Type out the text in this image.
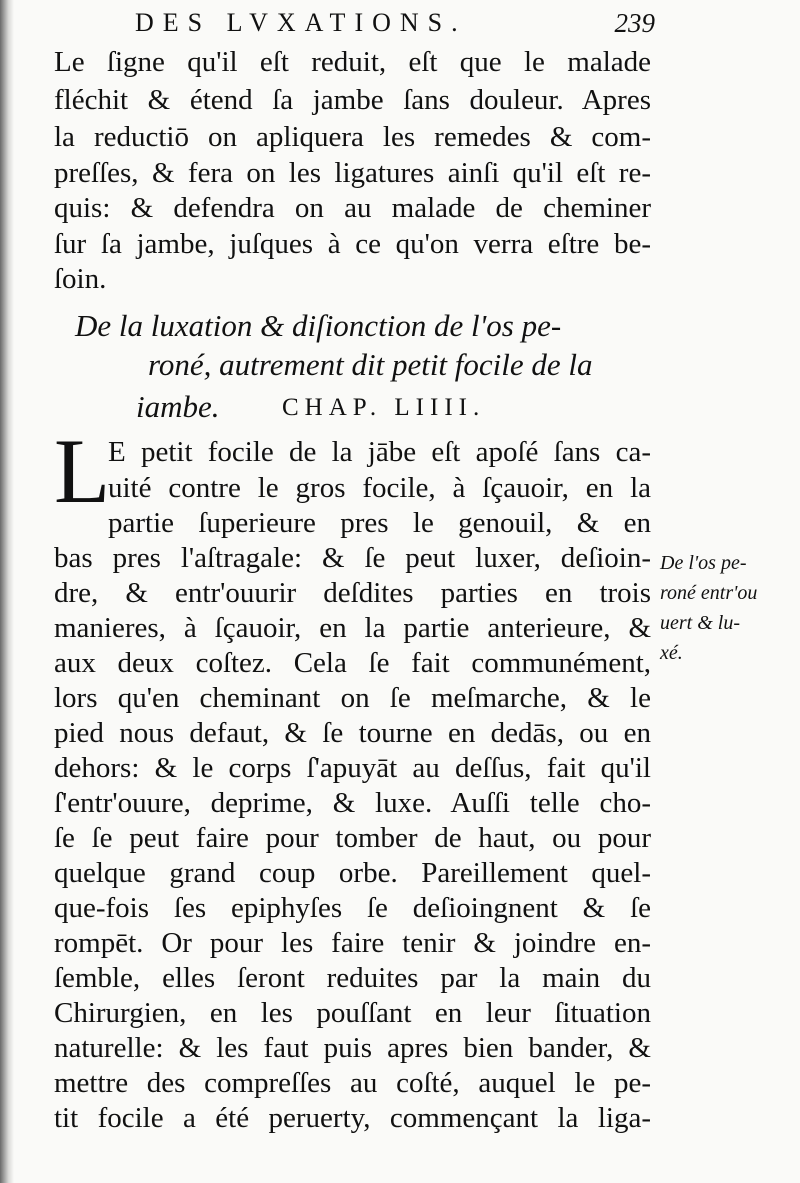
DES LVXATIONS.	239
Le ſigne qu'il eſt reduit, eſt que le malade
fléchit & étend ſa jambe ſans douleur. Apres
la reductiō on apliquera les remedes & com-
preſſes, & fera on les ligatures ainſi qu'il eſt re-
quis: & defendra on au malade de cheminer
ſur ſa jambe, juſques à ce qu'on verra eſtre be-
ſoin.
De la luxation & diſionction de l'os pe-
roné, autrement dit petit focile de la
iambe. CHAP. LIIII.
L
E petit focile de la jābe eſt apoſé ſans ca-
uité contre le gros focile, à ſçauoir, en la
partie ſuperieure pres le genouil, & en
bas pres l'aſtragale: & ſe peut luxer, deſioin-
dre, & entr'ouurir deſdites parties en trois
manieres, à ſçauoir, en la partie anterieure, &
aux deux coſtez. Cela ſe fait communément,
lors qu'en cheminant on ſe meſmarche, & le
pied nous defaut, & ſe tourne en dedās, ou en
dehors: & le corps ſ'apuyāt au deſſus, fait qu'il
ſ'entr'ouure, deprime, & luxe. Auſſi telle cho-
ſe ſe peut faire pour tomber de haut, ou pour
quelque grand coup orbe. Pareillement quel-
que-fois ſes epiphyſes ſe deſioingnent & ſe
rompēt. Or pour les faire tenir & joindre en-
ſemble, elles ſeront reduites par la main du
Chirurgien, en les pouſſant en leur ſituation
naturelle: & les faut puis apres bien bander, &
mettre des compreſſes au coſté, auquel le pe-
tit focile a été peruerty, commençant la liga-
De l'os pe-
roné entr'ou
uert & lu-
xé.
